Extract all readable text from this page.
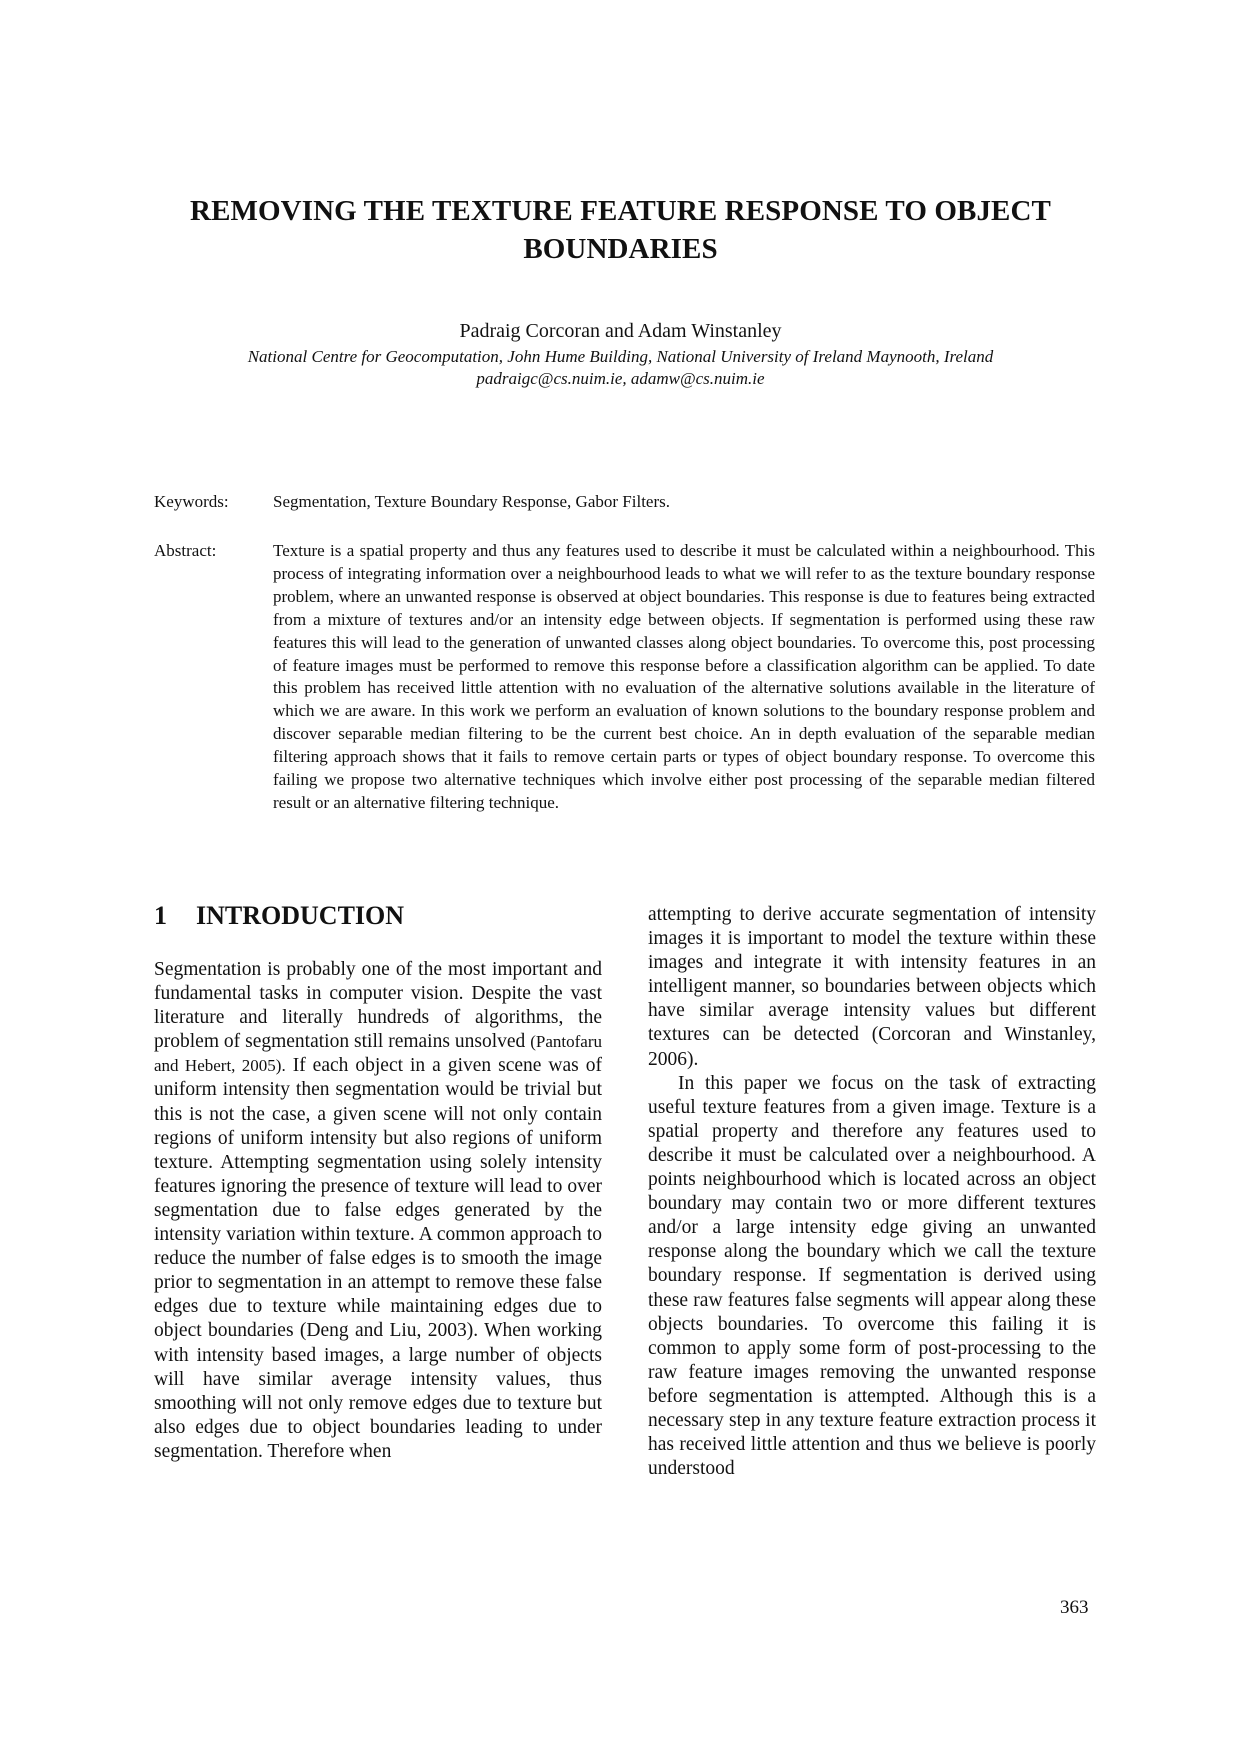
REMOVING THE TEXTURE FEATURE RESPONSE TO OBJECT BOUNDARIES
Padraig Corcoran and Adam Winstanley
National Centre for Geocomputation, John Hume Building, National University of Ireland Maynooth, Ireland
padraigc@cs.nuim.ie, adamw@cs.nuim.ie
Keywords:	Segmentation, Texture Boundary Response, Gabor Filters.
Abstract:	Texture is a spatial property and thus any features used to describe it must be calculated within a neighbourhood. This process of integrating information over a neighbourhood leads to what we will refer to as the texture boundary response problem, where an unwanted response is observed at object boundaries. This response is due to features being extracted from a mixture of textures and/or an intensity edge between objects. If segmentation is performed using these raw features this will lead to the generation of unwanted classes along object boundaries. To overcome this, post processing of feature images must be performed to remove this response before a classification algorithm can be applied. To date this problem has received little attention with no evaluation of the alternative solutions available in the literature of which we are aware. In this work we perform an evaluation of known solutions to the boundary response problem and discover separable median filtering to be the current best choice. An in depth evaluation of the separable median filtering approach shows that it fails to remove certain parts or types of object boundary response. To overcome this failing we propose two alternative techniques which involve either post processing of the separable median filtered result or an alternative filtering technique.
1 INTRODUCTION

Segmentation is probably one of the most important and fundamental tasks in computer vision. Despite the vast literature and literally hundreds of algorithms, the problem of segmentation still remains unsolved (Pantofaru and Hebert, 2005). If each object in a given scene was of uniform intensity then segmentation would be trivial but this is not the case, a given scene will not only contain regions of uniform intensity but also regions of uniform texture. Attempting segmentation using solely intensity features ignoring the presence of texture will lead to over segmentation due to false edges generated by the intensity variation within texture. A common approach to reduce the number of false edges is to smooth the image prior to segmentation in an attempt to remove these false edges due to texture while maintaining edges due to object boundaries (Deng and Liu, 2003). When working with intensity based images, a large number of objects will have similar average intensity values, thus smoothing will not only remove edges due to texture but also edges due to object boundaries leading to under segmentation. Therefore when

attempting to derive accurate segmentation of intensity images it is important to model the texture within these images and integrate it with intensity features in an intelligent manner, so boundaries between objects which have similar average intensity values but different textures can be detected (Corcoran and Winstanley, 2006).

In this paper we focus on the task of extracting useful texture features from a given image. Texture is a spatial property and therefore any features used to describe it must be calculated over a neighbourhood. A points neighbourhood which is located across an object boundary may contain two or more different textures and/or a large intensity edge giving an unwanted response along the boundary which we call the texture boundary response. If segmentation is derived using these raw features false segments will appear along these objects boundaries. To overcome this failing it is common to apply some form of post-processing to the raw feature images removing the unwanted response before segmentation is attempted. Although this is a necessary step in any texture feature extraction process it has received little attention and thus we believe is poorly understood

363
